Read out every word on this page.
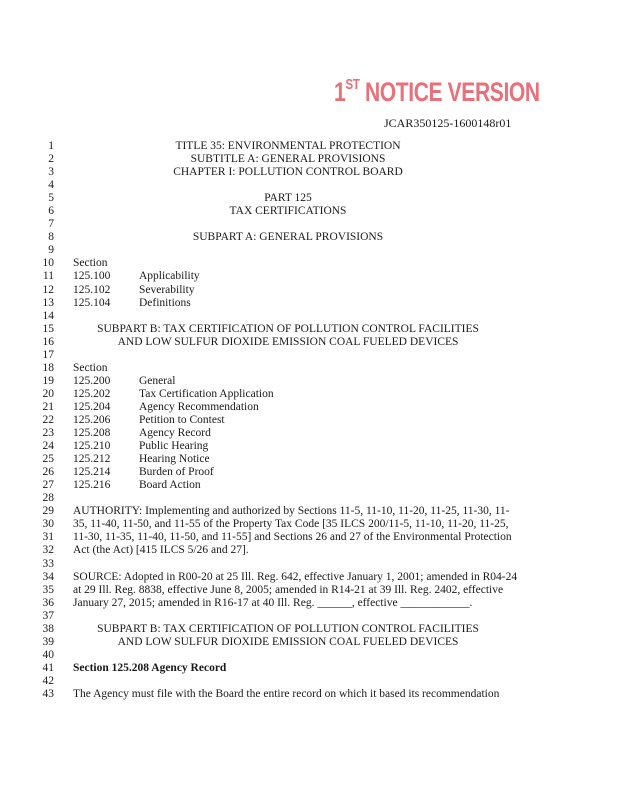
1ST NOTICE VERSION
JCAR350125-1600148r01
1	TITLE 35: ENVIRONMENTAL PROTECTION
2	SUBTITLE A: GENERAL PROVISIONS
3	CHAPTER I: POLLUTION CONTROL BOARD
4
5	PART 125
6	TAX CERTIFICATIONS
7
8	SUBPART A: GENERAL PROVISIONS
9
10 Section
11 125.100 Applicability
12 125.102 Severability
13 125.104 Definitions
14
15	SUBPART B: TAX CERTIFICATION OF POLLUTION CONTROL FACILITIES
16	AND LOW SULFUR DIOXIDE EMISSION COAL FUELED DEVICES
17
18 Section
19 125.200 General
20 125.202 Tax Certification Application
21 125.204 Agency Recommendation
22 125.206 Petition to Contest
23 125.208 Agency Record
24 125.210 Public Hearing
25 125.212 Hearing Notice
26 125.214 Burden of Proof
27 125.216 Board Action
28
29 AUTHORITY: Implementing and authorized by Sections 11-5, 11-10, 11-20, 11-25, 11-30, 11-
30 35, 11-40, 11-50, and 11-55 of the Property Tax Code [35 ILCS 200/11-5, 11-10, 11-20, 11-25,
31 11-30, 11-35, 11-40, 11-50, and 11-55] and Sections 26 and 27 of the Environmental Protection
32 Act (the Act) [415 ILCS 5/26 and 27].
33
34 SOURCE: Adopted in R00-20 at 25 Ill. Reg. 642, effective January 1, 2001; amended in R04-24
35 at 29 Ill. Reg. 8838, effective June 8, 2005; amended in R14-21 at 39 Ill. Reg. 2402, effective
36 January 27, 2015; amended in R16-17 at 40 Ill. Reg. ______, effective ____________.
37
38	SUBPART B: TAX CERTIFICATION OF POLLUTION CONTROL FACILITIES
39	AND LOW SULFUR DIOXIDE EMISSION COAL FUELED DEVICES
40
41 Section 125.208 Agency Record
42
43 The Agency must file with the Board the entire record on which it based its recommendation
